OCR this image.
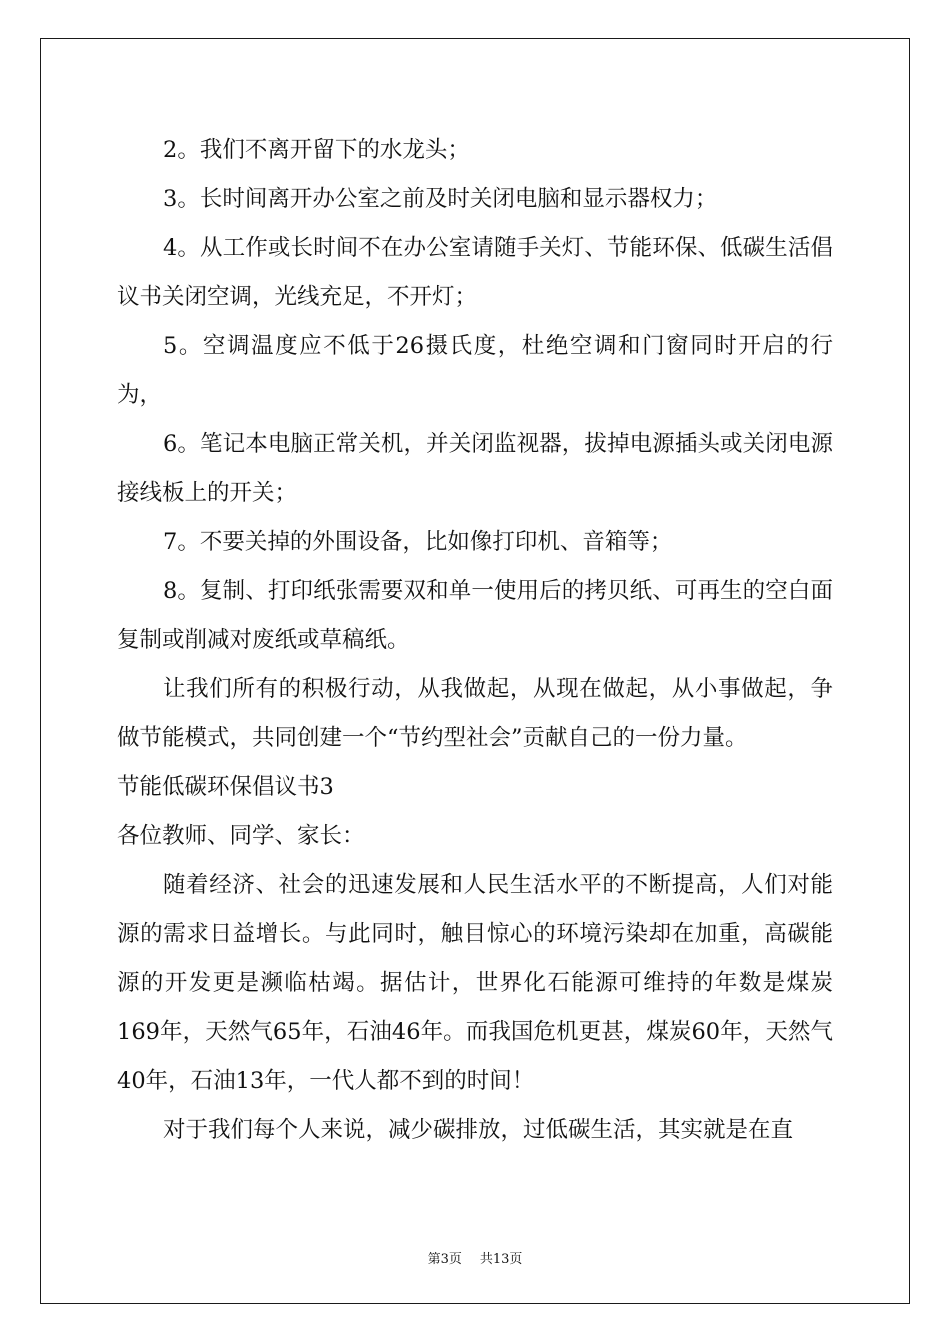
2。我们不离开留下的水龙头；

3。长时间离开办公室之前及时关闭电脑和显示器权力；

4。从工作或长时间不在办公室请随手关灯、节能环保、低碳生活倡议书关闭空调，光线充足，不开灯；

5。空调温度应不低于26摄氏度，杜绝空调和门窗同时开启的行为，

6。笔记本电脑正常关机，并关闭监视器，拔掉电源插头或关闭电源接线板上的开关；

7。不要关掉的外围设备，比如像打印机、音箱等；

8。复制、打印纸张需要双和单一使用后的拷贝纸、可再生的空白面复制或削减对废纸或草稿纸。

让我们所有的积极行动，从我做起，从现在做起，从小事做起，争做节能模式，共同创建一个“节约型社会”贡献自己的一份力量。

节能低碳环保倡议书3

各位教师、同学、家长：

随着经济、社会的迅速发展和人民生活水平的不断提高，人们对能源的需求日益增长。与此同时，触目惊心的环境污染却在加重，高碳能源的开发更是濒临枯竭。据估计，世界化石能源可维持的年数是煤炭169年，天然气65年，石油46年。而我国危机更甚，煤炭60年，天然气40年，石油13年，一代人都不到的时间！

对于我们每个人来说，减少碳排放，过低碳生活，其实就是在直

第3页 共13页
